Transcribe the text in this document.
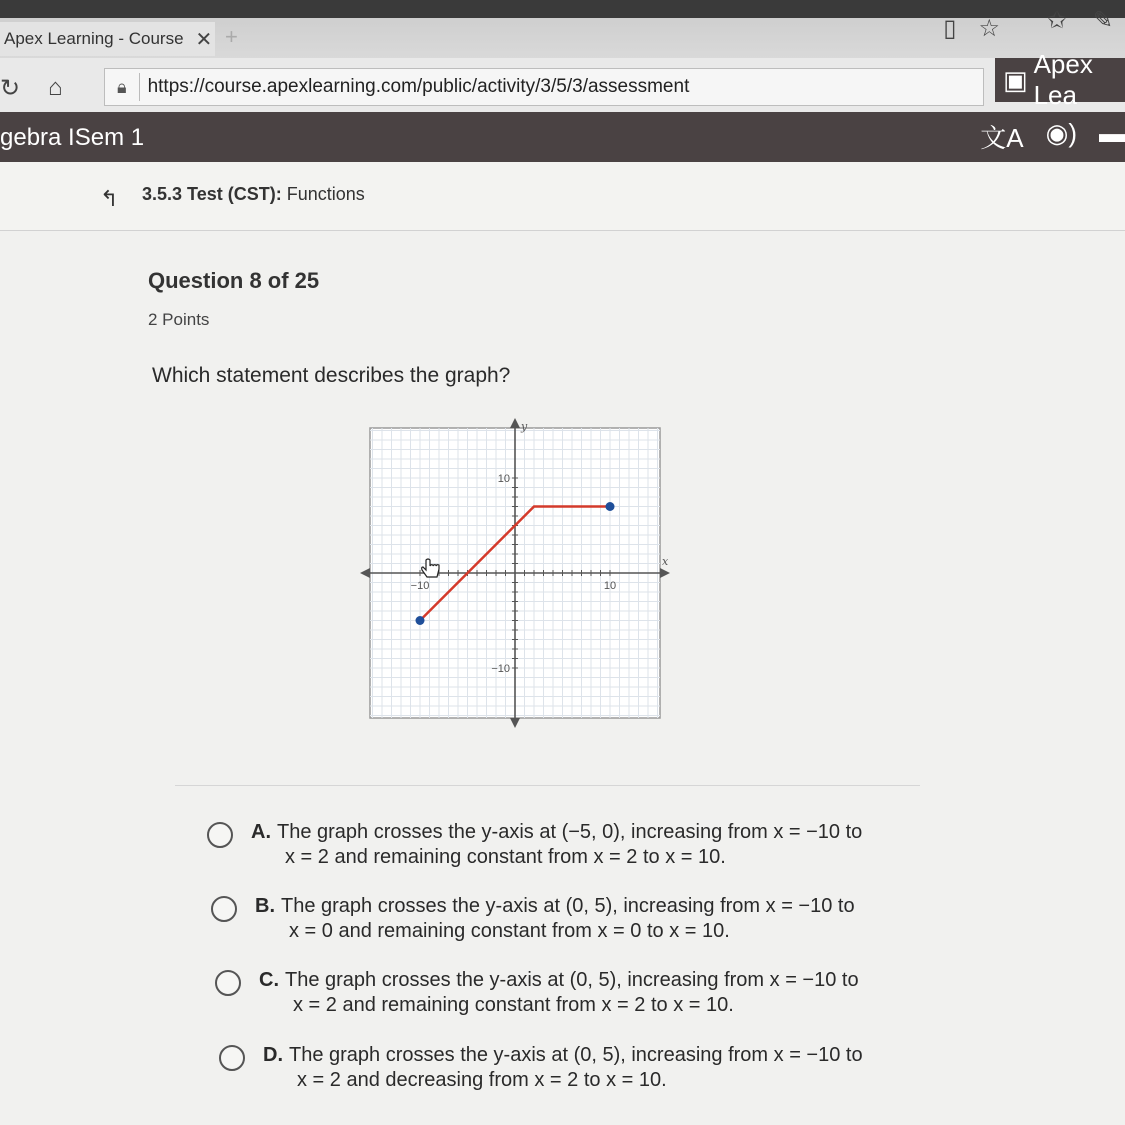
Apex Learning - Course ✕ +	▯ ☆ ✩ ✎
↻ ⌂	🔒︎ https://course.apexlearning.com/public/activity/3/5/3/assessment	▣
Apex Lea
gebra ISem 1	文A ◉) ▬
↰ 3.5.3 Test (CST): Functions
Question 8 of 25
2 Points
Which statement describes the graph?
x
y
−10	10
10
−10
A. The graph crosses the y-axis at (−5, 0), increasing from x = −10 to
x = 2 and remaining constant from x = 2 to x = 10.
B. The graph crosses the y-axis at (0, 5), increasing from x = −10 to
x = 0 and remaining constant from x = 0 to x = 10.
C. The graph crosses the y-axis at (0, 5), increasing from x = −10 to
x = 2 and remaining constant from x = 2 to x = 10.
D. The graph crosses the y-axis at (0, 5), increasing from x = −10 to
x = 2 and decreasing from x = 2 to x = 10.
